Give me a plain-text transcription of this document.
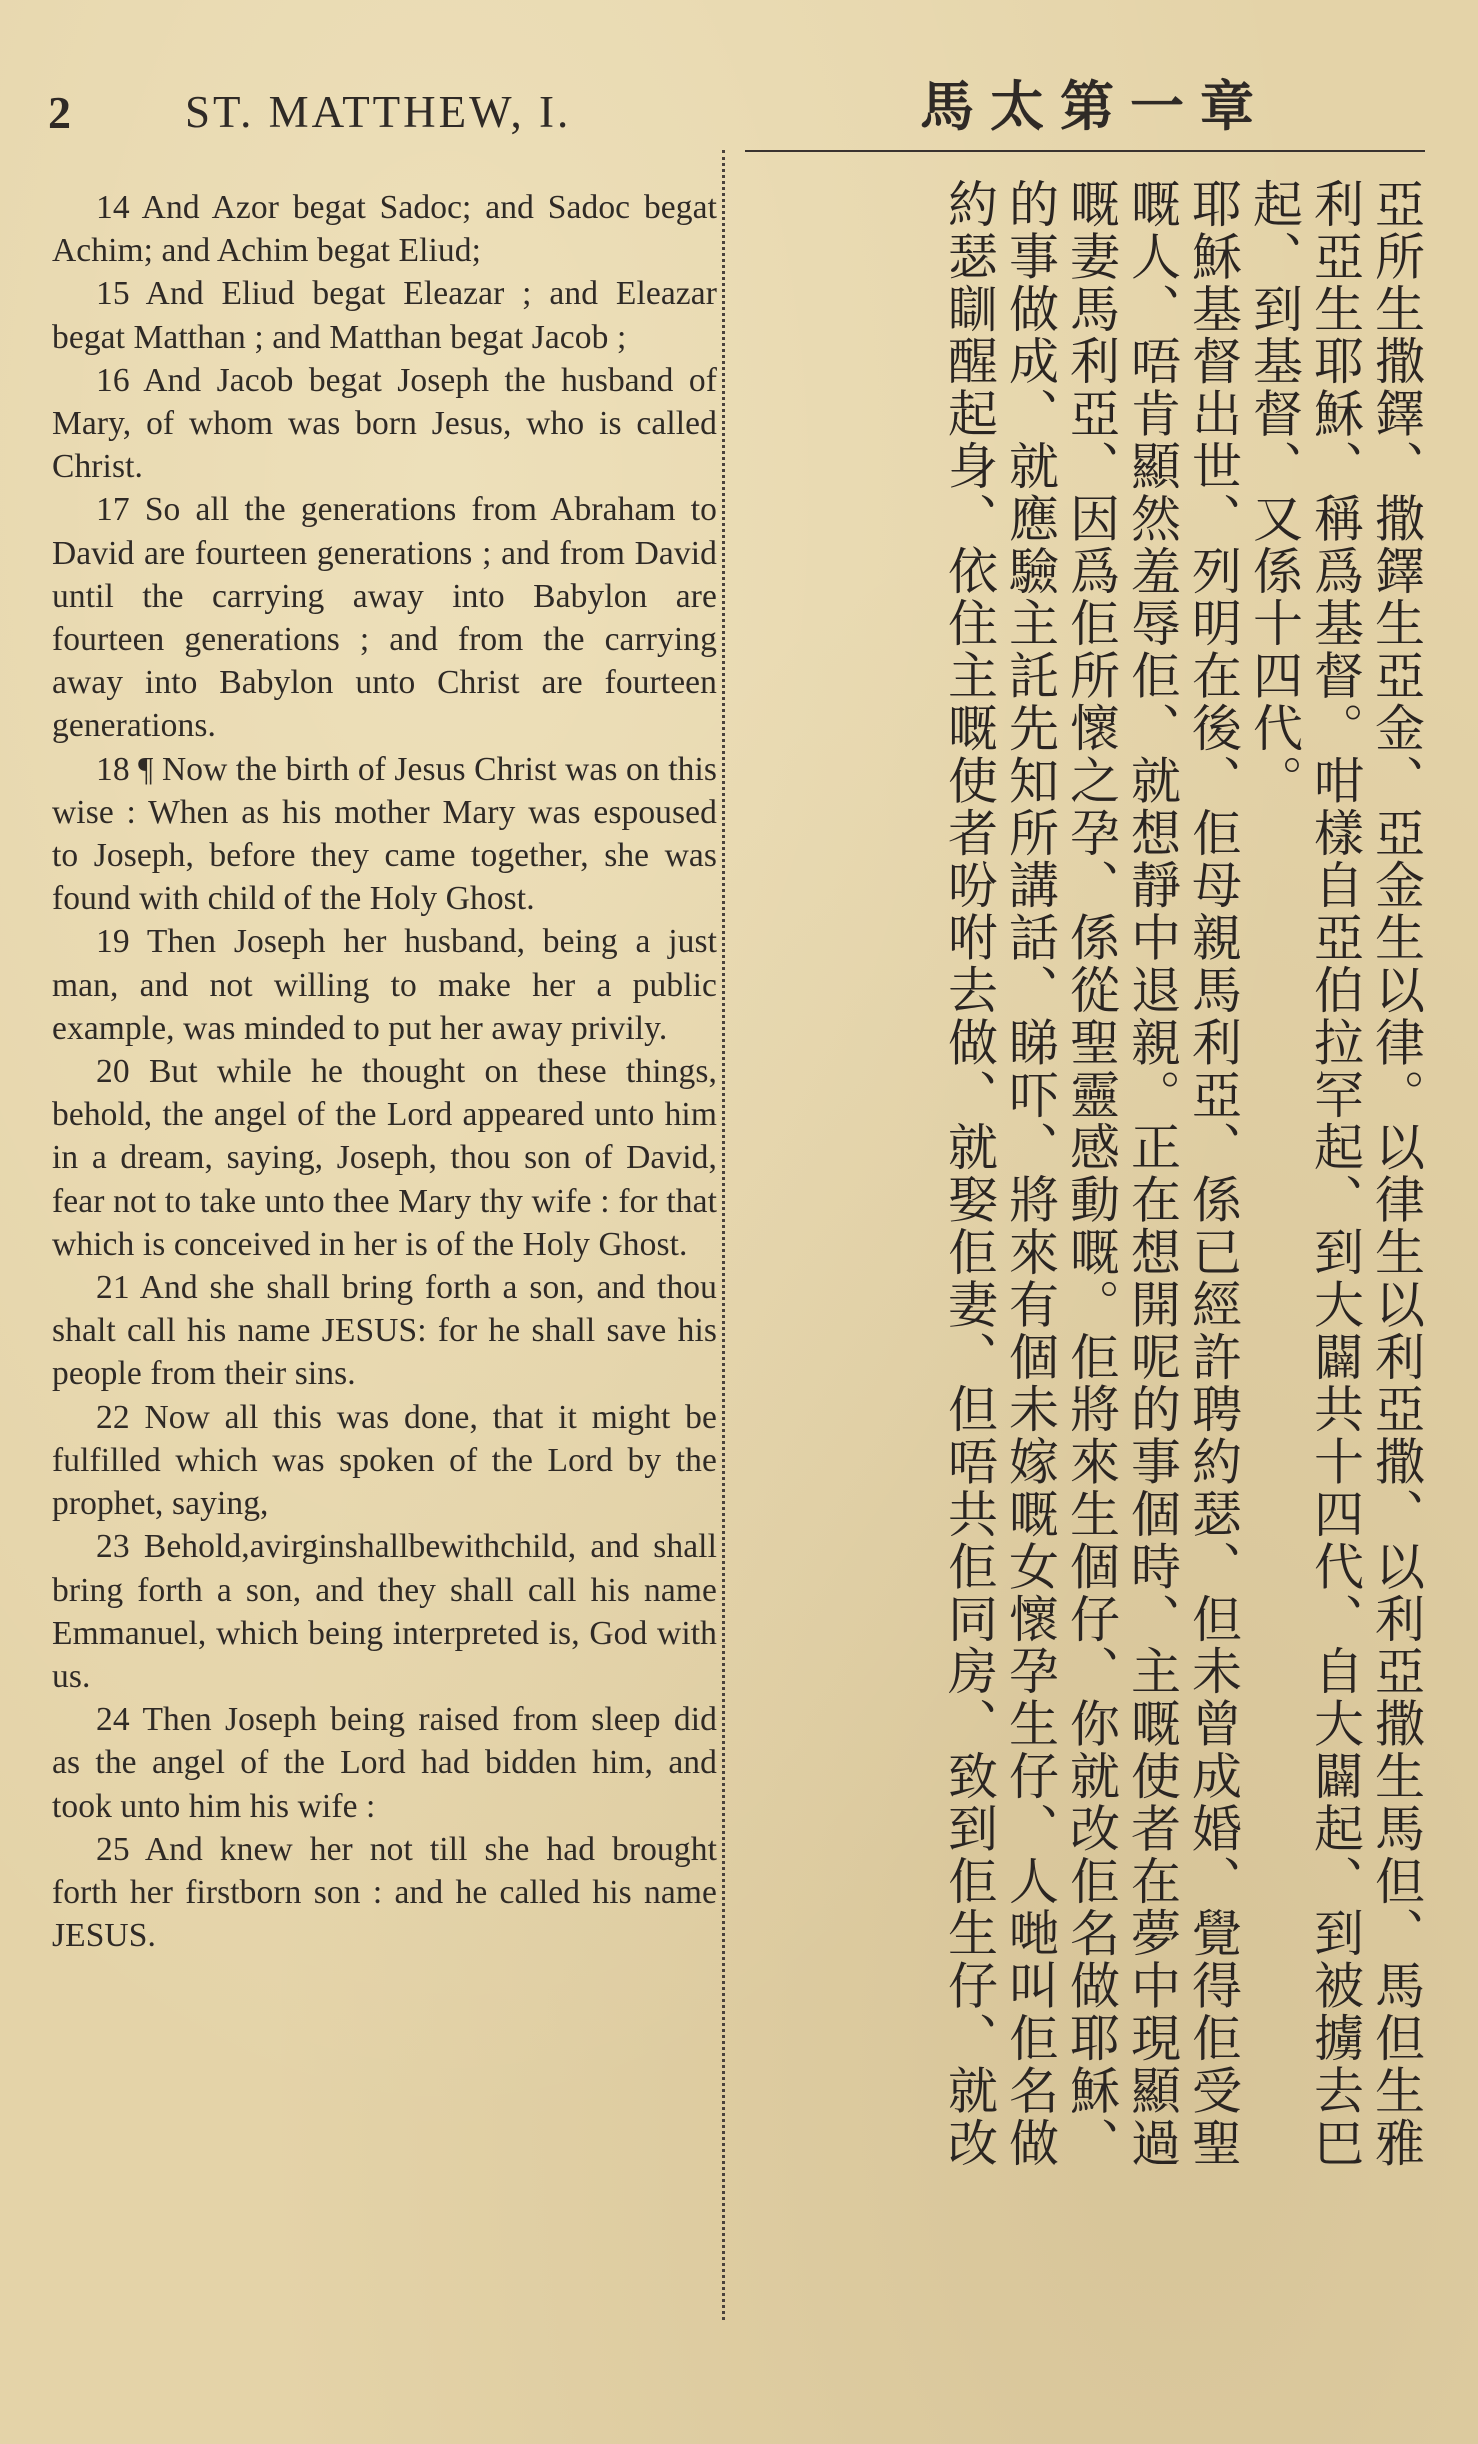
2	ST. MATTHEW, I.	馬太第一章

14 And Azor begat Sadoc; and Sadoc begat Achim; and Achim begat Eliud;

15 And Eliud begat Eleazar ; and Eleazar begat Matthan ; and Matthan begat Jacob ;

16 And Jacob begat Joseph the husband of Mary, of whom was born Jesus, who is called Christ.

17 So all the generations from Abraham to David are fourteen generations ; and from David until the carrying away into Babylon are fourteen generations ; and from the carrying away into Babylon unto Christ are fourteen generations.

18 ¶ Now the birth of Jesus Christ was on this wise : When as his mother Mary was espoused to Joseph, before they came together, she was found with child of the Holy Ghost.

19 Then Joseph her husband, being a just man, and not willing to make her a public example, was minded to put her away privily.

20 But while he thought on these things, behold, the angel of the Lord appeared unto him in a dream, saying, Joseph, thou son of David, fear not to take unto thee Mary thy wife : for that which is conceived in her is of the Holy Ghost.

21 And she shall bring forth a son, and thou shalt call his name JESUS: for he shall save his people from their sins.

22 Now all this was done, that it might be fulfilled which was spoken of the Lord by the prophet, saying,

23 Behold,avirginshallbewithchild, and shall bring forth a son, and they shall call his name Emmanuel, which being interpreted is, God with us.

24 Then Joseph being raised from sleep did as the angel of the Lord had bidden him, and took unto him his wife :

25 And knew her not till she had brought forth her firstborn son : and he called his name JESUS.

亞所生撒鐸、撒鐸生亞金、亞金生以律。以律生以利亞撒、以利亞撒生馬但、馬但生雅
利亞生耶穌、稱爲基督。咁樣自亞伯拉罕起、到大闢共十四代、自大闢起、到被擄去巴
起、到基督、又係十四代。
耶穌基督出世、列明在後、佢母親馬利亞、係已經許聘約瑟、但未曾成婚、覺得佢受聖
嘅人、唔肯顯然羞辱佢、就想靜中退親。正在想開呢的事個時、主嘅使者在夢中現顯過
嘅妻馬利亞、因爲佢所懷之孕、係從聖靈感動嘅。佢將來生個仔、你就改佢名做耶穌、
的事做成、就應驗主託先知所講話、睇吓、將來有個未嫁嘅女懷孕生仔、人哋叫佢名做
約瑟瞓醒起身、依住主嘅使者吩咐去做、就娶佢妻、但唔共佢同房、致到佢生仔、就改
